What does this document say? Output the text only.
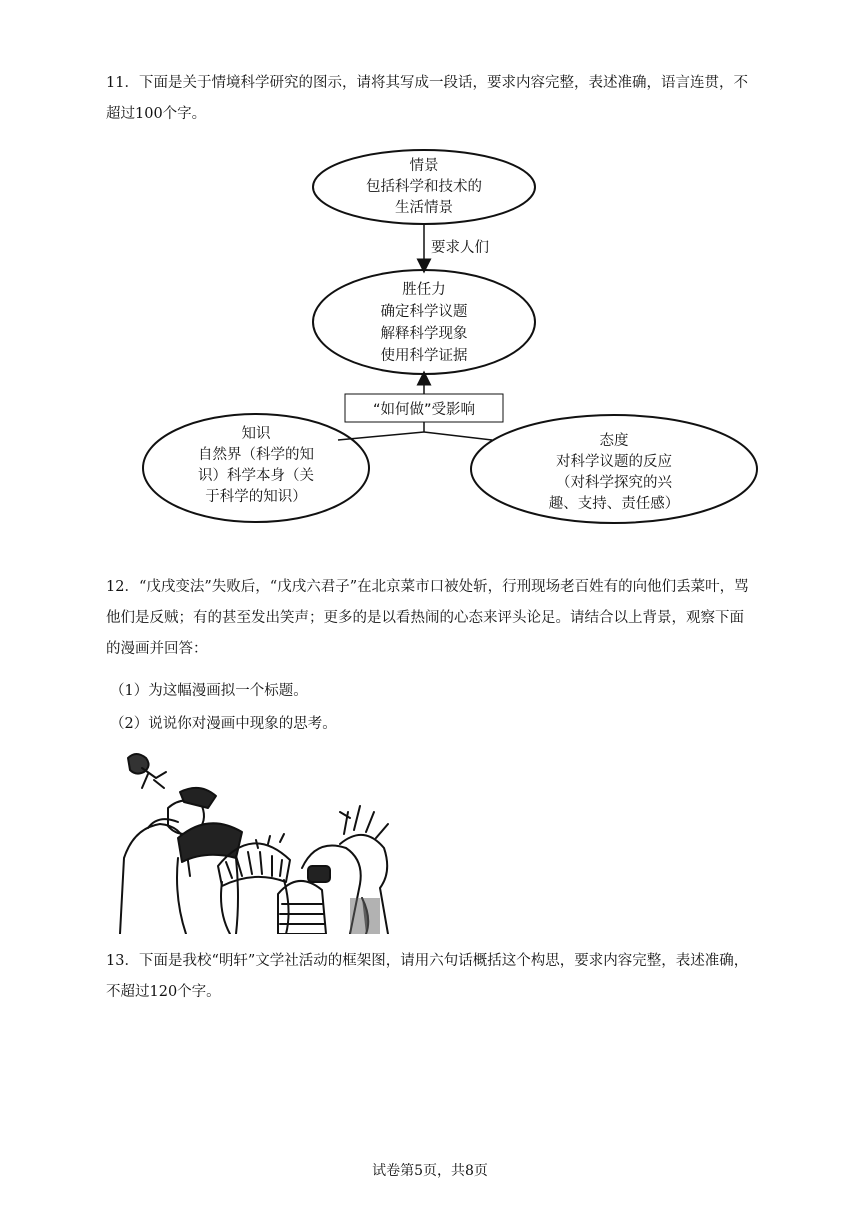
11．下面是关于情境科学研究的图示，请将其写成一段话，要求内容完整，表述准确，语言连贯，不超过100个字。

情景
包括科学和技术的
生活情景
要求人们
胜任力
确定科学议题
解释科学现象
使用科学证据
“如何做”受影响
知识
自然界（科学的知
识）科学本身（关
于科学的知识）
态度
对科学议题的反应
（对科学探究的兴
趣、支持、责任感）

12．“戊戌变法”失败后，“戊戌六君子”在北京菜市口被处斩，行刑现场老百姓有的向他们丢菜叶，骂他们是反贼；有的甚至发出笑声；更多的是以看热闹的心态来评头论足。请结合以上背景，观察下面的漫画并回答：

（1）为这幅漫画拟一个标题。
（2）说说你对漫画中现象的思考。

13．下面是我校“明轩”文学社活动的框架图，请用六句话概括这个构思，要求内容完整，表述准确，不超过120个字。

试卷第5页，共8页
